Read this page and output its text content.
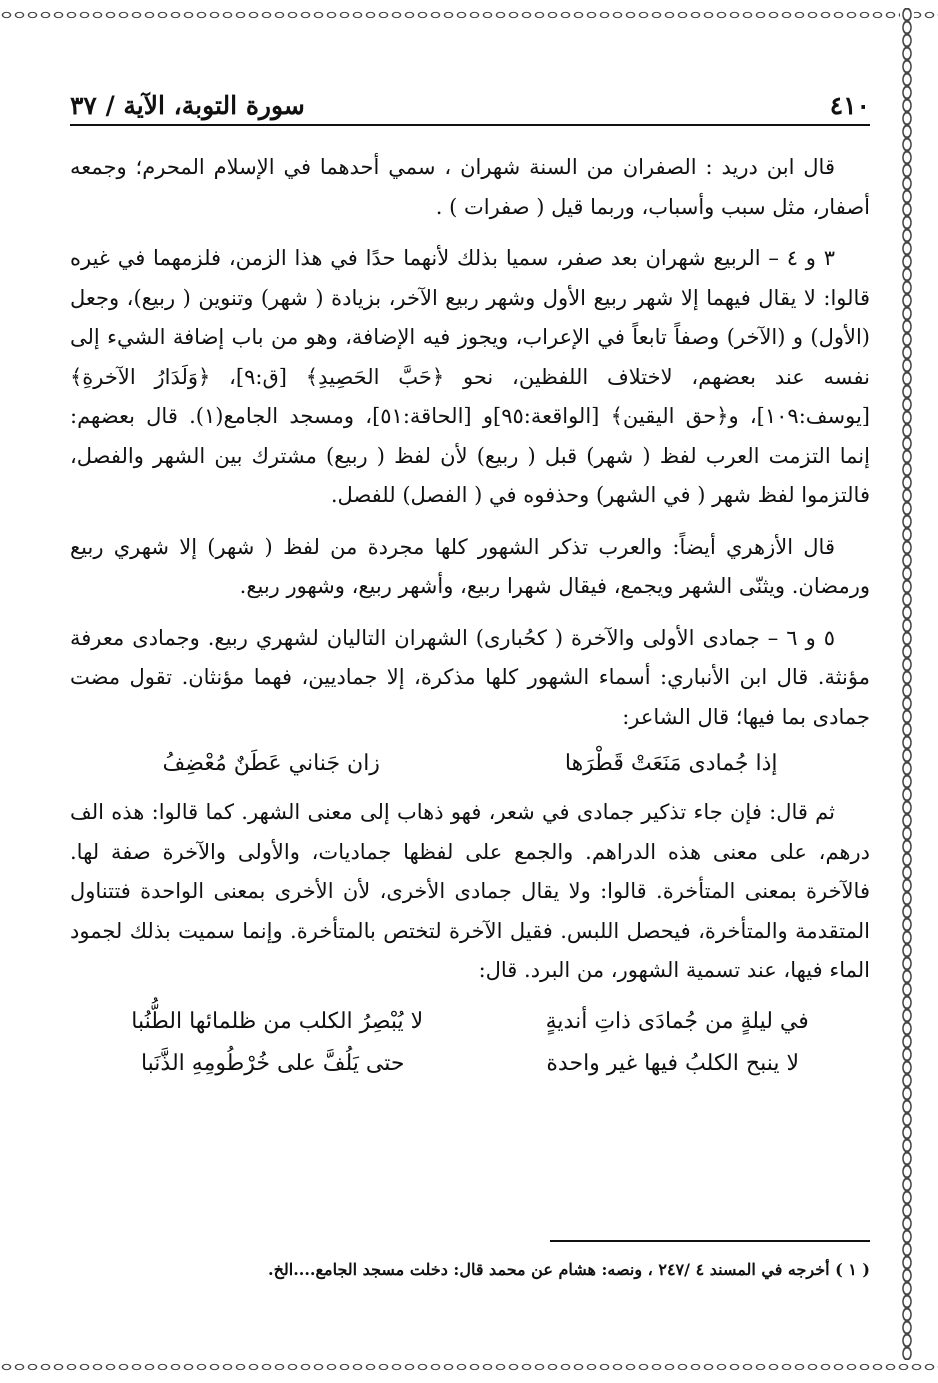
٤١٠
سورة التوبة، الآية / ٣٧

قال ابن دريد : الصفران من السنة شهران ، سمي أحدهما في الإسلام المحرم؛ وجمعه أصفار، مثل سبب وأسباب، وربما قيل ( صفرات ) .

٣ و ٤ – الربيع شهران بعد صفر، سميا بذلك لأنهما حدًا في هذا الزمن، فلزمهما في غيره قالوا: لا يقال فيهما إلا شهر ربيع الأول وشهر ربيع الآخر، بزيادة ( شهر) وتنوين ( ربيع)، وجعل (الأول) و (الآخر) وصفاً تابعاً في الإعراب، ويجوز فيه الإضافة، وهو من باب إضافة الشيء إلى نفسه عند بعضهم، لاختلاف اللفظين، نحو ﴿حَبَّ الحَصِيدِ﴾ [ق:٩]، ﴿وَلَدَارُ الآخرةِ﴾ [يوسف:١٠٩]، و﴿حق اليقين﴾ [الواقعة:٩٥]و [الحاقة:٥١]، ومسجد الجامع(١). قال بعضهم: إنما التزمت العرب لفظ ( شهر) قبل ( ربيع) لأن لفظ ( ربيع) مشترك بين الشهر والفصل، فالتزموا لفظ شهر ( في الشهر) وحذفوه في ( الفصل) للفصل.

قال الأزهري أيضاً: والعرب تذكر الشهور كلها مجردة من لفظ ( شهر) إلا شهري ربيع ورمضان. ويثنّى الشهر ويجمع، فيقال شهرا ربيع، وأشهر ربيع، وشهور ربيع.

٥ و ٦ – جمادى الأولى والآخرة ( كحُبارى) الشهران التاليان لشهري ربيع. وجمادى معرفة مؤنثة. قال ابن الأنباري: أسماء الشهور كلها مذكرة، إلا جماديين، فهما مؤنثان. تقول مضت جمادى بما فيها؛ قال الشاعر:

إذا جُمادى مَنَعَتْ قَطْرَها
زان جَناني عَطَنٌ مُعْضِفُ

ثم قال: فإن جاء تذكير جمادى في شعر، فهو ذهاب إلى معنى الشهر. كما قالوا: هذه الف درهم، على معنى هذه الدراهم. والجمع على لفظها جماديات، والأولى والآخرة صفة لها. فالآخرة بمعنى المتأخرة. قالوا: ولا يقال جمادى الأخرى، لأن الأخرى بمعنى الواحدة فتتناول المتقدمة والمتأخرة، فيحصل اللبس. فقيل الآخرة لتختص بالمتأخرة. وإنما سميت بذلك لجمود الماء فيها، عند تسمية الشهور، من البرد. قال:

في ليلةٍ من جُمادَى ذاتِ أنديةٍ
لا يُبْصِرُ الكلب من ظلمائها الطُّنُبا
لا ينبح الكلبُ فيها غير واحدة
حتى يَلُفَّ على خُرْطُومِهِ الذَّنَبا
( ١ ) أخرجه في المسند ٤ /٢٤٧ ، ونصه: هشام عن محمد قال: دخلت مسجد الجامع....الخ.
